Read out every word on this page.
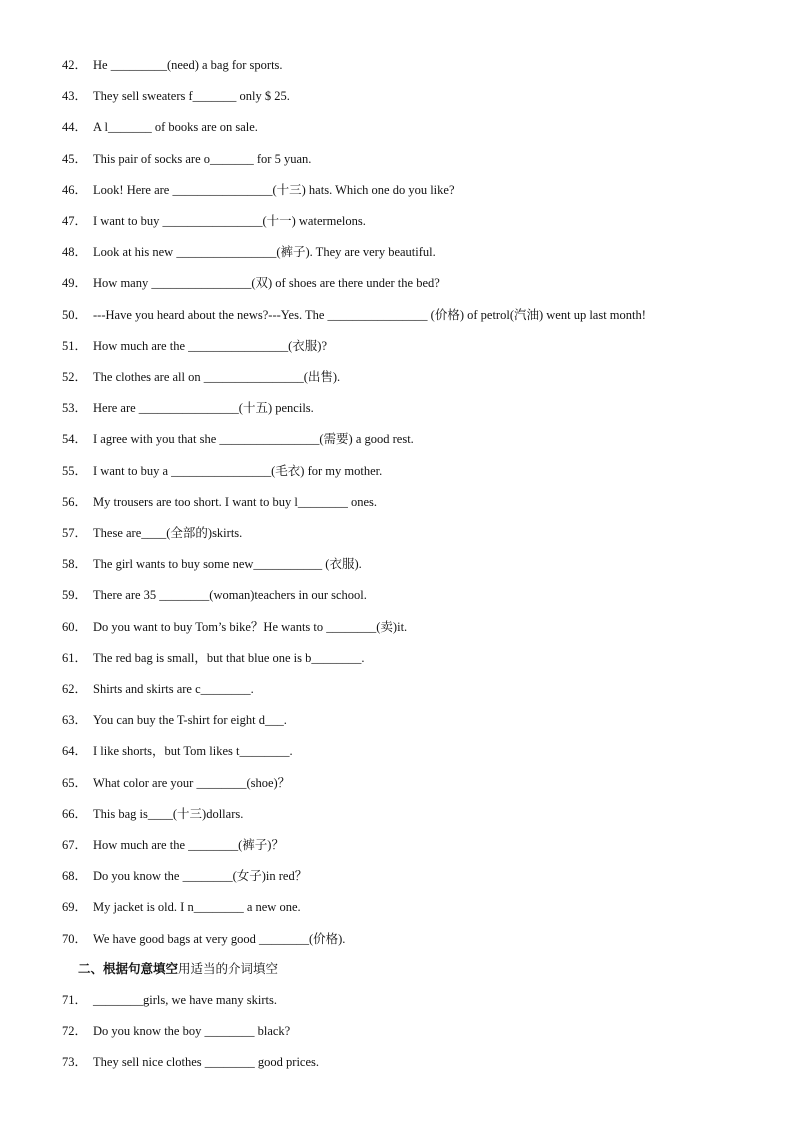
42． He _________(need) a bag for sports.
43． They sell sweaters f_______ only $ 25.
44． A l_______ of books are on sale.
45． This pair of socks are o_______ for 5 yuan.
46． Look! Here are ________________(十三) hats. Which one do you like?
47． I want to buy ________________(十一) watermelons.
48． Look at his new ________________(裤子). They are very beautiful.
49． How many ________________(双) of shoes are there under the bed?
50． ---Have you heard about the news?---Yes. The ________________ (价格) of petrol(汽油) went up last month!
51． How much are the ________________(衣服)?
52． The clothes are all on ________________(出售).
53． Here are ________________(十五) pencils.
54． I agree with you that she ________________(需要) a good rest.
55． I want to buy a ________________(毛衣) for my mother.
56． My trousers are too short. I want to buy l________ ones.
57． These are____(全部的)skirts.
58． The girl wants to buy some new___________ (衣服).
59． There are 35 ________(woman)teachers in our school.
60． Do you want to buy Tom’s bike？He wants to ________(卖)it.
61． The red bag is small，but that blue one is b________.
62． Shirts and skirts are c________.
63． You can buy the T-shirt for eight d___.
64． I like shorts，but Tom likes t________.
65． What color are your ________(shoe)？
66． This bag is____(十三)dollars.
67． How much are the ________(裤子)？
68． Do you know the ________(女子)in red？
69． My jacket is old. I n________ a new one.
70． We have good bags at very good ________(价格).
二、根据句意填空用适当的介词填空
71． ________girls, we have many skirts.
72． Do you know the boy ________ black?
73． They sell nice clothes ________ good prices.
